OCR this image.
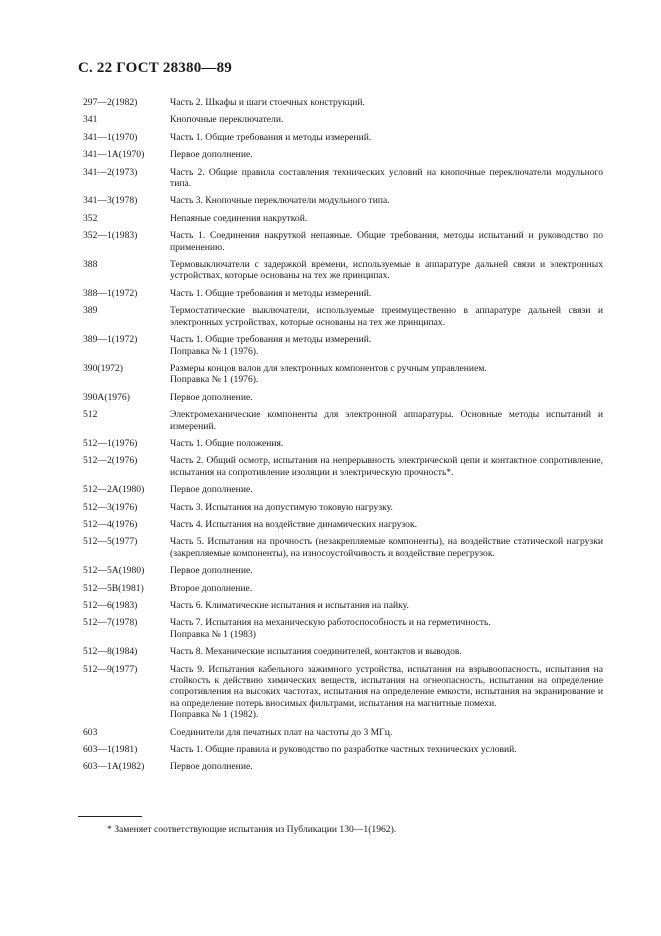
С. 22 ГОСТ 28380—89
297—2(1982)	Часть 2. Шкафы и шаги стоечных конструкций.
341	Кнопочные переключатели.
341—1(1970)	Часть 1. Общие требования и методы измерений.
341—1A(1970)	Первое дополнение.
341—2(1973)	Часть 2. Общие правила составления технических условий на кнопочные переключатели модульного типа.
341—3(1978)	Часть 3. Кнопочные переключатели модульного типа.
352	Непаяные соединения накруткой.
352—1(1983)	Часть 1. Соединения накруткой непаяные. Общие требования, методы испытаний и руководство по применению.
388	Термовыключатели с задержкой времени, используемые в аппаратуре дальней связи и электронных устройствах, которые основаны на тех же принципах.
388—1(1972)	Часть 1. Общие требования и методы измерений.
389	Термостатические выключатели, используемые преимущественно в аппаратуре дальней связи и электронных устройствах, которые основаны на тех же принципах.
389—1(1972)	Часть 1. Общие требования и методы измерений.
Поправка № 1 (1976).
390(1972)	Размеры концов валов для электронных компонентов с ручным управлением.
Поправка № 1 (1976).
390A(1976)	Первое дополнение.
512	Электромеханические компоненты для электронной аппаратуры. Основные методы испытаний и измерений.
512—1(1976)	Часть 1. Общие положения.
512—2(1976)	Часть 2. Общий осмотр, испытания на непрерывность электрической цепи и контактное сопротивление, испытания на сопротивление изоляции и электрическую прочность*.
512—2A(1980)	Первое дополнение.
512—3(1976)	Часть 3. Испытания на допустимую токовую нагрузку.
512—4(1976)	Часть 4. Испытания на воздействие динамических нагрузок.
512—5(1977)	Часть 5. Испытания на прочность (незакрепляемые компоненты), на воздействие статической нагрузки (закрепляемые компоненты), на износоустойчивость и воздействие перегрузок.
512—5A(1980)	Первое дополнение.
512—5B(1981)	Второе дополнение.
512—6(1983)	Часть 6. Климатические испытания и испытания на пайку.
512—7(1978)	Часть 7. Испытания на механическую работоспособность и на герметичность.
Поправка № 1 (1983)
512—8(1984)	Часть 8. Механические испытания соединителей, контактов и выводов.
512—9(1977)	Часть 9. Испытания кабельного зажимного устройства, испытания на взрывоопасность, испытания на стойкость к действию химических веществ, испытания на огнеопасность, испытания на определение сопротивления на высоких частотах, испытания на определение емкости, испытания на экранирование и на определение потерь вносимых фильтрами, испытания на магнитные помехи.
Поправка № 1 (1982).
603	Соединители для печатных плат на частоты до 3 МГц.
603—1(1981)	Часть 1. Общие правила и руководство по разработке частных технических условий.
603—1A(1982)	Первое дополнение.
* Заменяет соответствующие испытания из Публикации 130—1(1962).
